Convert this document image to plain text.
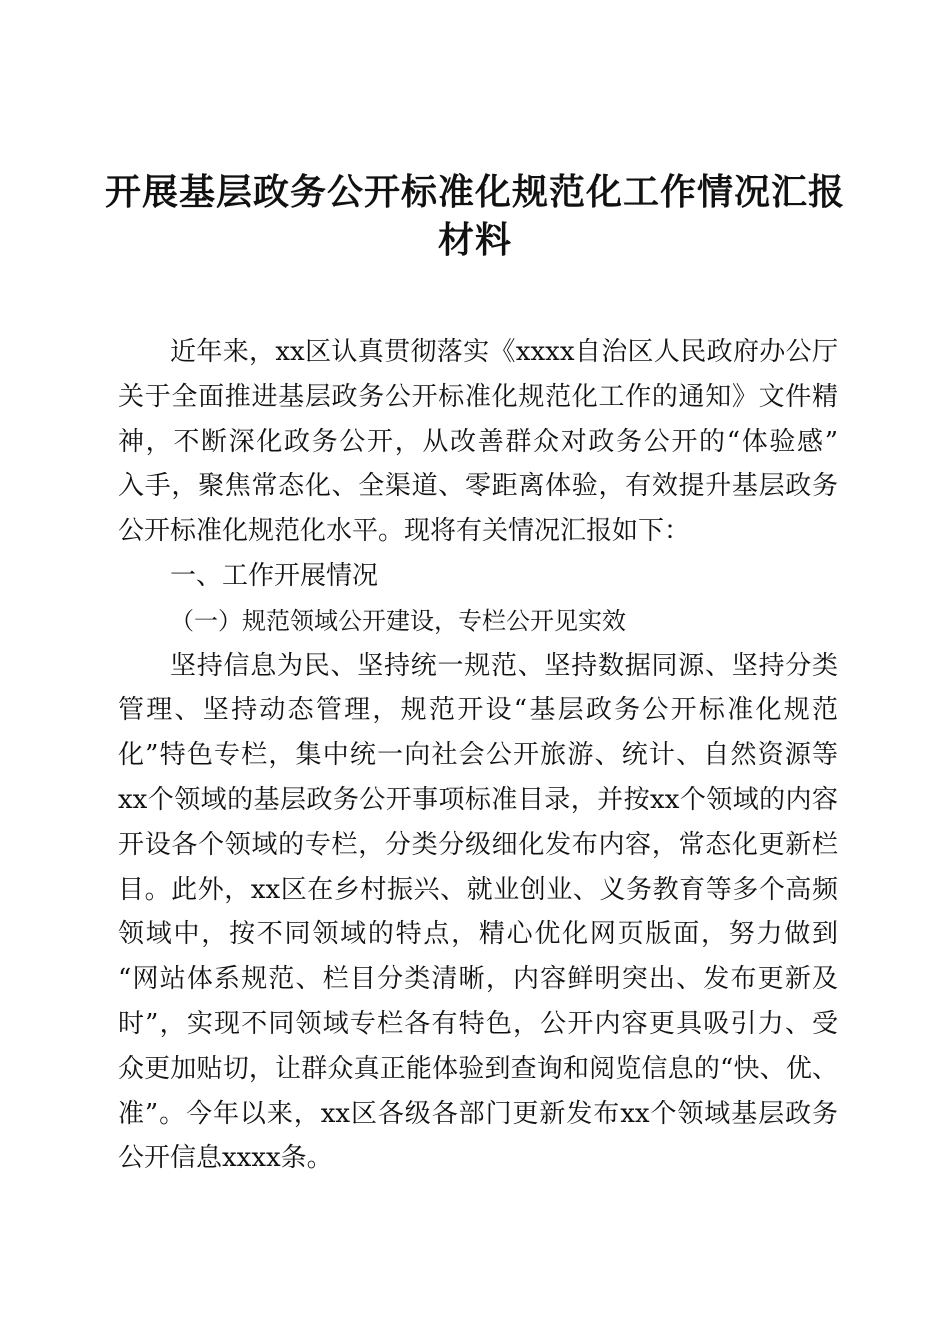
开展基层政务公开标准化规范化工作情况汇报
材料
近年来，xx区认真贯彻落实《xxxx自治区人民政府办公厅
关于全面推进基层政务公开标准化规范化工作的通知》文件精
神，不断深化政务公开，从改善群众对政务公开的“体验感”
入手，聚焦常态化、全渠道、零距离体验，有效提升基层政务
公开标准化规范化水平。现将有关情况汇报如下：
一、工作开展情况
（一）规范领域公开建设，专栏公开见实效
坚持信息为民、坚持统一规范、坚持数据同源、坚持分类
管理、坚持动态管理，规范开设“基层政务公开标准化规范
化”特色专栏，集中统一向社会公开旅游、统计、自然资源等
xx个领域的基层政务公开事项标准目录，并按xx个领域的内容
开设各个领域的专栏，分类分级细化发布内容，常态化更新栏
目。此外，xx区在乡村振兴、就业创业、义务教育等多个高频
领域中，按不同领域的特点，精心优化网页版面，努力做到
“网站体系规范、栏目分类清晰，内容鲜明突出、发布更新及
时”，实现不同领域专栏各有特色，公开内容更具吸引力、受
众更加贴切，让群众真正能体验到查询和阅览信息的“快、优、
准”。今年以来，xx区各级各部门更新发布xx个领域基层政务
公开信息xxxx条。
